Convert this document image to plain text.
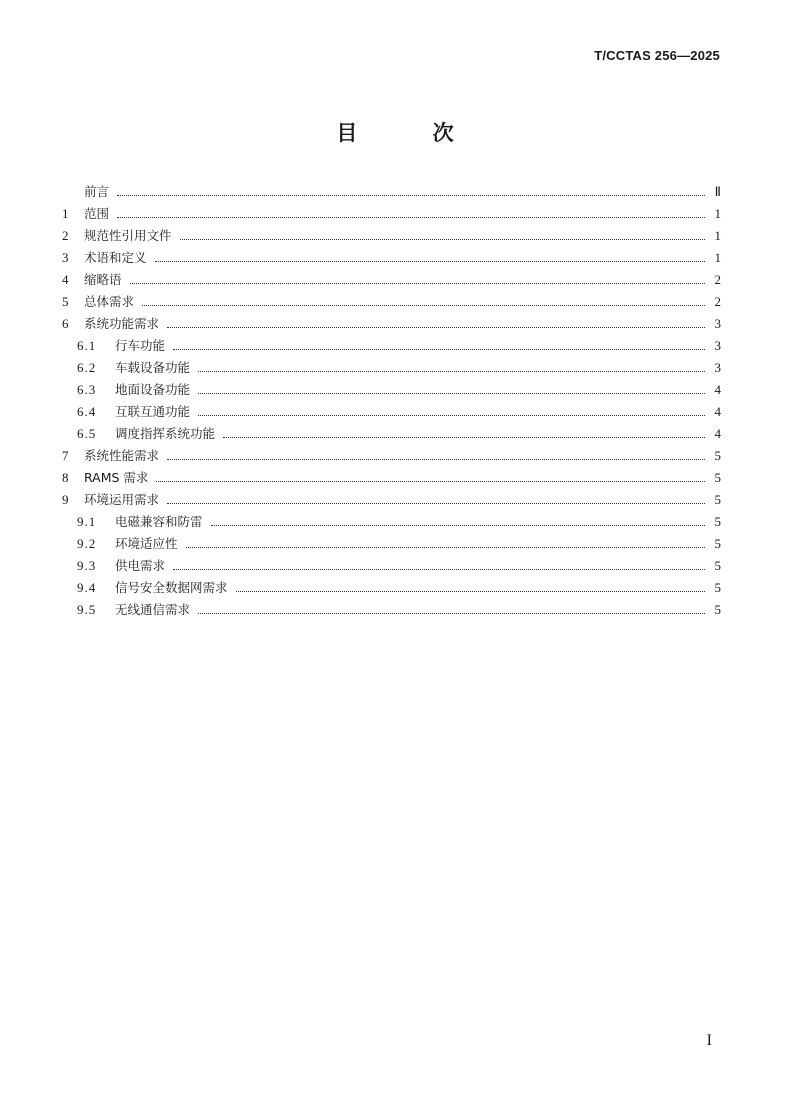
T/CCTAS 256—2025
目 次
前言	Ⅱ
1	范围	1
2	规范性引用文件	1
3	术语和定义	1
4	缩略语	2
5	总体需求	2
6	系统功能需求	3
6.1	行车功能	3
6.2	车载设备功能	3
6.3	地面设备功能	4
6.4	互联互通功能	4
6.5	调度指挥系统功能	4
7	系统性能需求	5
8	RAMS 需求	5
9	环境运用需求	5
9.1	电磁兼容和防雷	5
9.2	环境适应性	5
9.3	供电需求	5
9.4	信号安全数据网需求	5
9.5	无线通信需求	5
I
